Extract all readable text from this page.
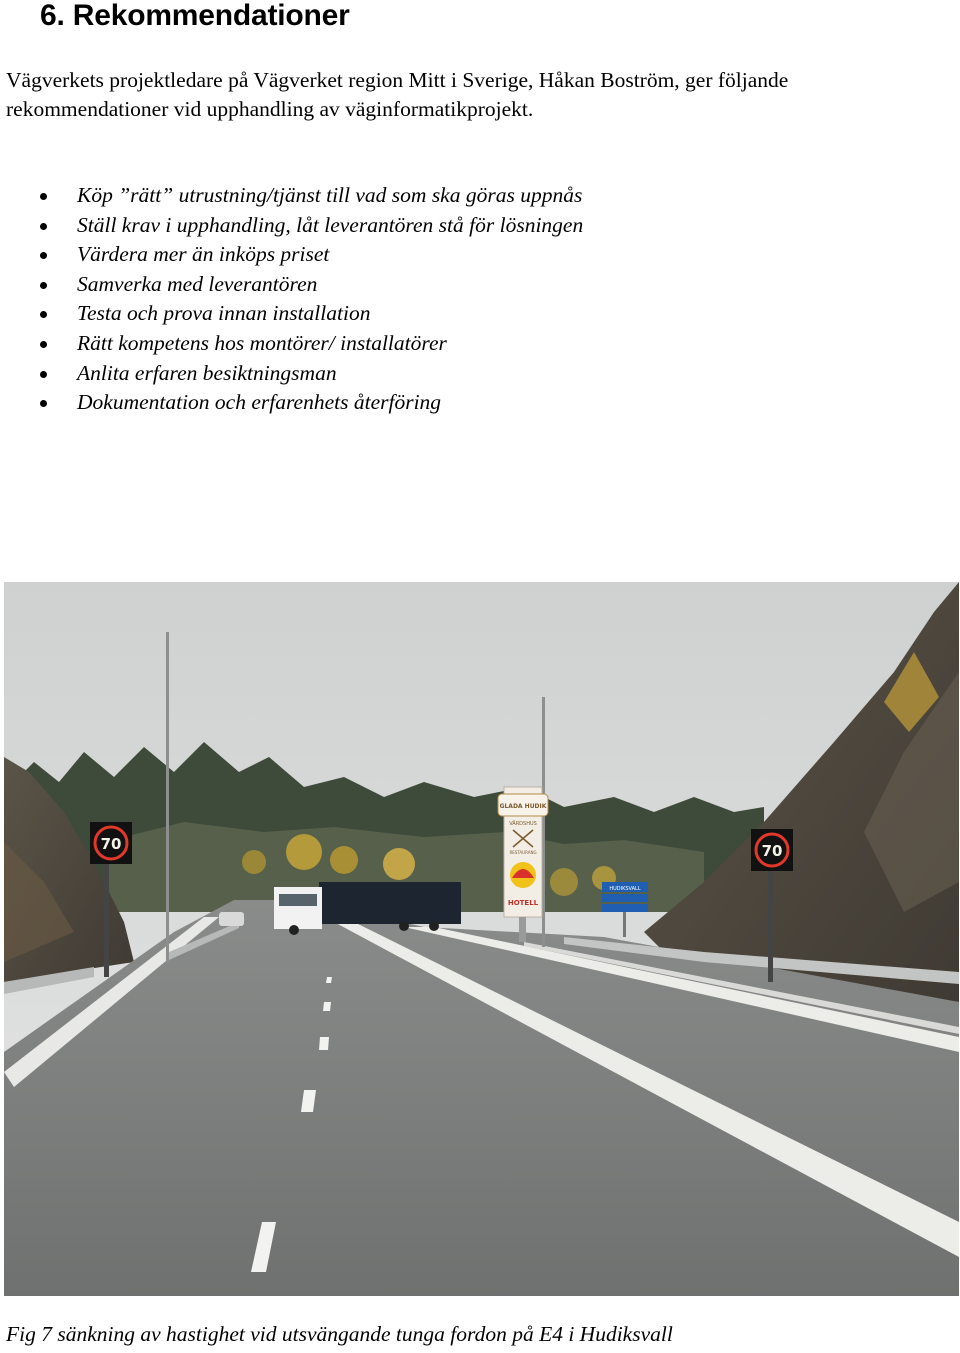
6. Rekommendationer

Vägverkets projektledare på Vägverket region Mitt i Sverige, Håkan Boström, ger följande rekommendationer vid upphandling av väginformatikprojekt.

Köp ”rätt” utrustning/tjänst till vad som ska göras uppnås
Ställ krav i upphandling, låt leverantören stå för lösningen
Värdera mer än inköps priset
Samverka med leverantören
Testa och prova innan installation
Rätt kompetens hos montörer/ installatörer
Anlita erfaren besiktningsman
Dokumentation och erfarenhets återföring
70	70
GLADA HUDIK
VÄRDSHUS
RESTAURANG
HOTELL
HUDIKSVALL

Fig 7 sänkning av hastighet vid utsvängande tunga fordon på E4 i Hudiksvall
